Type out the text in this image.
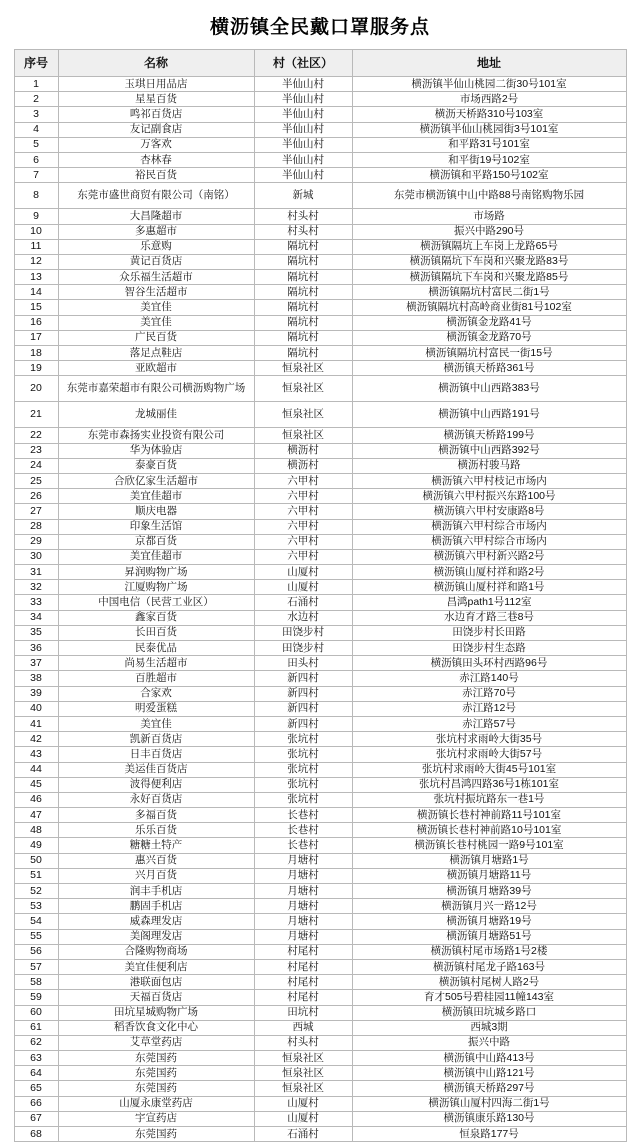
横沥镇全民戴口罩服务点
序号	名称	村（社区）	地址
1	玉琪日用品店	半仙山村	横沥镇半仙山桃园二街30号101室
2	星星百货	半仙山村	市场西路2号
3	鸣祁百货店	半仙山村	横沥天桥路310号103室
4	友记副食店	半仙山村	横沥镇半仙山桃园街3号101室
5	万客欢	半仙山村	和平路31号101室
6	杏林春	半仙山村	和平街19号102室
7	裕民百货	半仙山村	横沥镇和平路150号102室
8	东莞市盛世商贸有限公司（南铭）	新城	东莞市横沥镇中山中路88号南铭购物乐园
9	大昌隆超市	村头村	市场路
10	多惠超市	村头村	振兴中路290号
11	乐意购	隔坑村	横沥镇隔坑上车岗上龙路65号
12	黄记百货店	隔坑村	横沥镇隔坑下车岗和兴聚龙路83号
13	众乐福生活超市	隔坑村	横沥镇隔坑下车岗和兴聚龙路85号
14	智谷生活超市	隔坑村	横沥镇隔坑村富民二街1号
15	美宜佳	隔坑村	横沥镇隔坑村高岭商业街81号102室
16	美宜佳	隔坑村	横沥镇金龙路41号
17	广民百货	隔坑村	横沥镇金龙路70号
18	落足点鞋店	隔坑村	横沥镇隔坑村富民一街15号
19	亚欧超市	恒泉社区	横沥镇天桥路361号
20	东莞市嘉荣超市有限公司横沥购物广场	恒泉社区	横沥镇中山西路383号
21	龙城丽佳	恒泉社区	横沥镇中山西路191号
22	东莞市森扬实业投资有限公司	恒泉社区	横沥镇天桥路199号
23	华为体验店	横沥村	横沥镇中山西路392号
24	泰豪百货	横沥村	横沥村骏马路
25	合欣亿家生活超市	六甲村	横沥镇六甲村枝记市场内
26	美宜佳超市	六甲村	横沥镇六甲村振兴东路100号
27	顺庆电器	六甲村	横沥镇六甲村安康路8号
28	印象生活馆	六甲村	横沥镇六甲村综合市场内
29	京都百货	六甲村	横沥镇六甲村综合市场内
30	美宜佳超市	六甲村	横沥镇六甲村新兴路2号
31	昇润购物广场	山厦村	横沥镇山厦村祥和路2号
32	江厦购物广场	山厦村	横沥镇山厦村祥和路1号
33	中国电信（民营工业区）	石涌村	昌鸿path1号112室
34	鑫家百货	水边村	水边育才路三巷8号
35	长田百货	田饶步村	田饶步村长田路
36	民泰优品	田饶步村	田饶步村生态路
37	尚易生活超市	田头村	横沥镇田头环村西路96号
38	百胜超市	新四村	赤江路140号
39	合家欢	新四村	赤江路70号
40	明爱蛋糕	新四村	赤江路12号
41	美宜佳	新四村	赤江路57号
42	凯新百货店	张坑村	张坑村求雨岭大街35号
43	日丰百货店	张坑村	张坑村求雨岭大街57号
44	美运佳百货店	张坑村	张坑村求雨岭大街45号101室
45	波得便利店	张坑村	张坑村昌鸿四路36号1栋101室
46	永好百货店	张坑村	张坑村振坑路东一巷1号
47	多福百货	长巷村	横沥镇长巷村神前路11号101室
48	乐乐百货	长巷村	横沥镇长巷村神前路10号101室
49	糖糖土特产	长巷村	横沥镇长巷村桃园一路9号101室
50	惠兴百货	月塘村	横沥镇月塘路1号
51	兴月百货	月塘村	横沥镇月塘路11号
52	润丰手机店	月塘村	横沥镇月塘路39号
53	鹏固手机店	月塘村	横沥镇月兴一路12号
54	威森理发店	月塘村	横沥镇月塘路19号
55	美阁理发店	月塘村	横沥镇月塘路51号
56	合隆购物商场	村尾村	横沥镇村尾市场路1号2楼
57	美宜佳便利店	村尾村	横沥镇村尾龙子路163号
58	港联面包店	村尾村	横沥镇村尾树人路2号
59	天福百货店	村尾村	育才505号碧桂园11幢143室
60	田坑星城购物广场	田坑村	横沥镇田坑城乡路口
61	稻香饮食文化中心	西城	西城3期
62	艾草堂药店	村头村	振兴中路
63	东莞国药	恒泉社区	横沥镇中山路413号
64	东莞国药	恒泉社区	横沥镇中山路121号
65	东莞国药	恒泉社区	横沥镇天桥路297号
66	山厦永康堂药店	山厦村	横沥镇山厦村四海二街1号
67	宇宣药店	山厦村	横沥镇康乐路130号
68	东莞国药	石涌村	恒泉路177号
